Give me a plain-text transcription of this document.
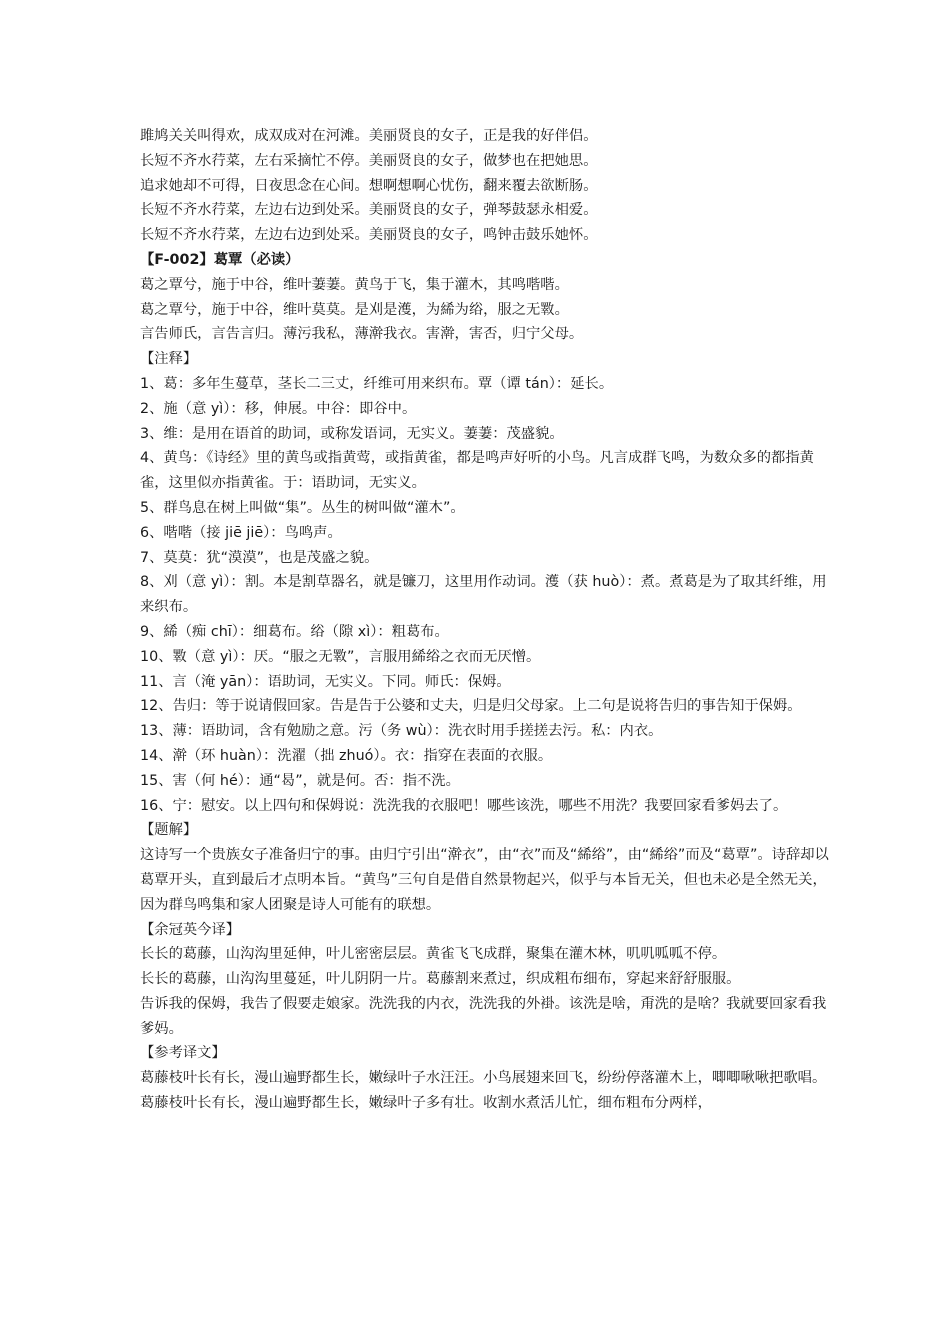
雎鸠关关叫得欢，成双成对在河滩。美丽贤良的女子，正是我的好伴侣。

长短不齐水荇菜，左右采摘忙不停。美丽贤良的女子，做梦也在把她思。

追求她却不可得，日夜思念在心间。想啊想啊心忧伤，翻来覆去欲断肠。

长短不齐水荇菜，左边右边到处采。美丽贤良的女子，弹琴鼓瑟永相爱。

长短不齐水荇菜，左边右边到处采。美丽贤良的女子，鸣钟击鼓乐她怀。

【F-002】葛覃（必读）

葛之覃兮，施于中谷，维叶萋萋。黄鸟于飞，集于灌木，其鸣喈喈。

葛之覃兮，施于中谷，维叶莫莫。是刈是濩，为絺为绤，服之无斁。

言告师氏，言告言归。薄污我私，薄澣我衣。害澣，害否，归宁父母。

【注释】

1、葛：多年生蔓草，茎长二三丈，纤维可用来织布。覃（谭 tán）：延长。

2、施（意 yì）：移，伸展。中谷：即谷中。

3、维：是用在语首的助词，或称发语词，无实义。萋萋：茂盛貌。

4、黄鸟：《诗经》里的黄鸟或指黄莺，或指黄雀，都是鸣声好听的小鸟。凡言成群飞鸣，为数众多的都指黄雀，这里似亦指黄雀。于：语助词，无实义。

5、群鸟息在树上叫做“集”。丛生的树叫做“灌木”。

6、喈喈（接 jiē jiē）：鸟鸣声。

7、莫莫：犹“漠漠”，也是茂盛之貌。

8、刈（意 yì）：割。本是割草器名，就是镰刀，这里用作动词。濩（获 huò）：煮。煮葛是为了取其纤维，用来织布。

9、絺（痴 chī）：细葛布。绤（隙 xì）：粗葛布。

10、斁（意 yì）：厌。“服之无斁”，言服用絺绤之衣而无厌憎。

11、言（淹 yān）：语助词，无实义。下同。师氏：保姆。

12、告归：等于说请假回家。告是告于公婆和丈夫，归是归父母家。上二句是说将告归的事告知于保姆。

13、薄：语助词，含有勉励之意。污（务 wù）：洗衣时用手搓搓去污。私：内衣。

14、澣（环 huàn）：洗濯（拙 zhuó）。衣：指穿在表面的衣服。

15、害（何 hé）：通“曷”，就是何。否：指不洗。

16、宁：慰安。以上四句和保姆说：洗洗我的衣服吧！哪些该洗，哪些不用洗？我要回家看爹妈去了。

【题解】

这诗写一个贵族女子准备归宁的事。由归宁引出“澣衣”，由“衣”而及“絺绤”，由“絺绤”而及“葛覃”。诗辞却以葛覃开头，直到最后才点明本旨。“黄鸟”三句自是借自然景物起兴，似乎与本旨无关，但也未必是全然无关，因为群鸟鸣集和家人团聚是诗人可能有的联想。

【余冠英今译】

长长的葛藤，山沟沟里延伸，叶儿密密层层。黄雀飞飞成群，聚集在灌木林，叽叽呱呱不停。

长长的葛藤，山沟沟里蔓延，叶儿阴阴一片。葛藤割来煮过，织成粗布细布，穿起来舒舒服服。

告诉我的保姆，我告了假要走娘家。洗洗我的内衣，洗洗我的外褂。该洗是啥，甭洗的是啥？我就要回家看我爹妈。

【参考译文】

葛藤枝叶长有长，漫山遍野都生长，嫩绿叶子水汪汪。小鸟展翅来回飞，纷纷停落灌木上，唧唧啾啾把歌唱。

葛藤枝叶长有长，漫山遍野都生长，嫩绿叶子多有壮。收割水煮活儿忙，细布粗布分两样，
